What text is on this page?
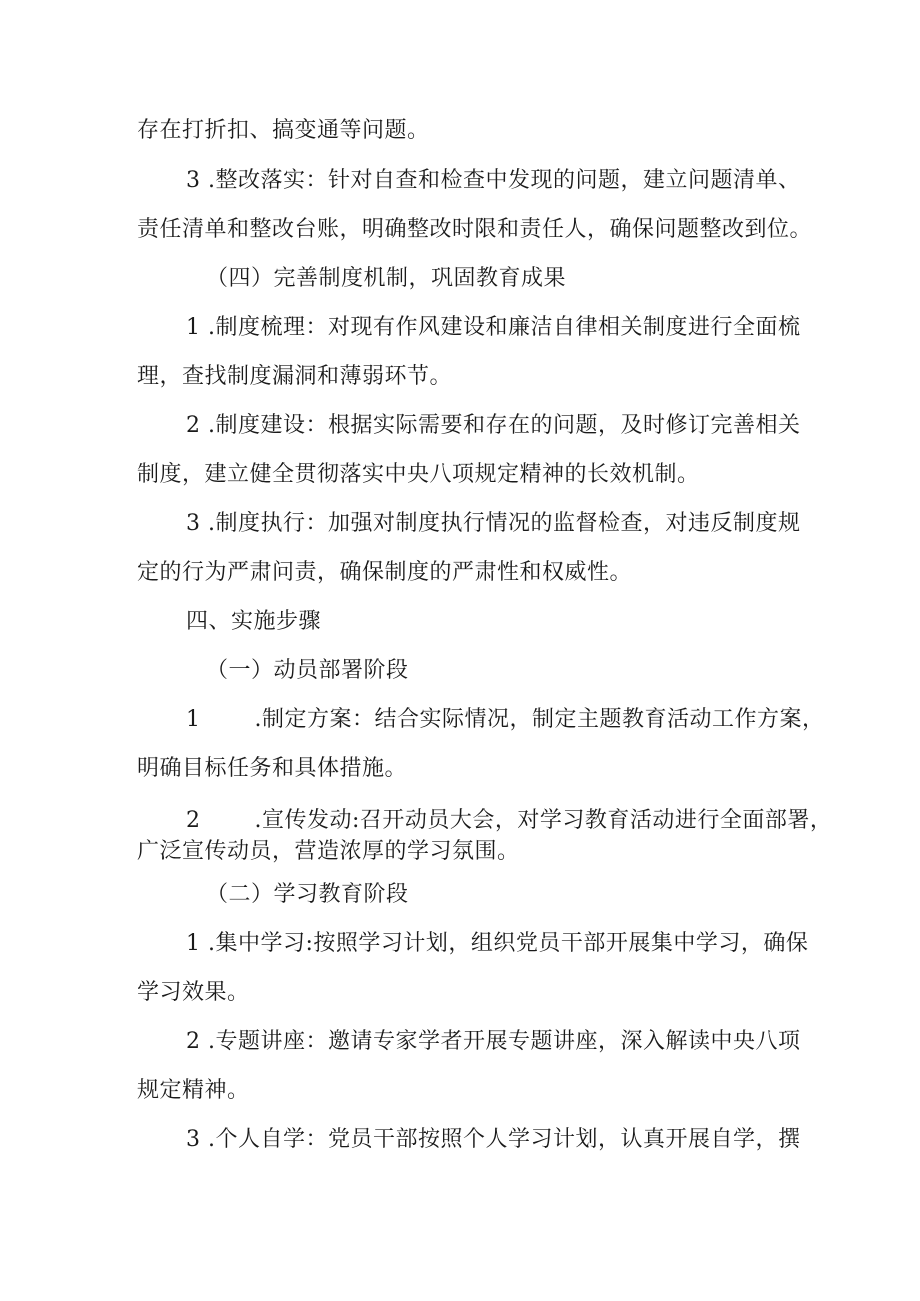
存在打折扣、搞变通等问题。
3 .整改落实：针对自查和检查中发现的问题，建立问题清单、
责任清单和整改台账，明确整改时限和责任人，确保问题整改到位。
（四）完善制度机制，巩固教育成果
1 .制度梳理：对现有作风建设和廉洁自律相关制度进行全面梳
理，查找制度漏洞和薄弱环节。
2 .制度建设：根据实际需要和存在的问题，及时修订完善相关
制度，建立健全贯彻落实中央八项规定精神的长效机制。
3 .制度执行：加强对制度执行情况的监督检查，对违反制度规
定的行为严肃问责，确保制度的严肃性和权威性。
四、实施步骤
（一）动员部署阶段
1 .制定方案：结合实际情况，制定主题教育活动工作方案，
明确目标任务和具体措施。
2 .宣传发动:召开动员大会，对学习教育活动进行全面部署，
广泛宣传动员，营造浓厚的学习氛围。
（二）学习教育阶段
1 .集中学习:按照学习计划，组织党员干部开展集中学习，确保
学习效果。
2 .专题讲座：邀请专家学者开展专题讲座，深入解读中央八项
规定精神。
3 .个人自学：党员干部按照个人学习计划，认真开展自学，撰
